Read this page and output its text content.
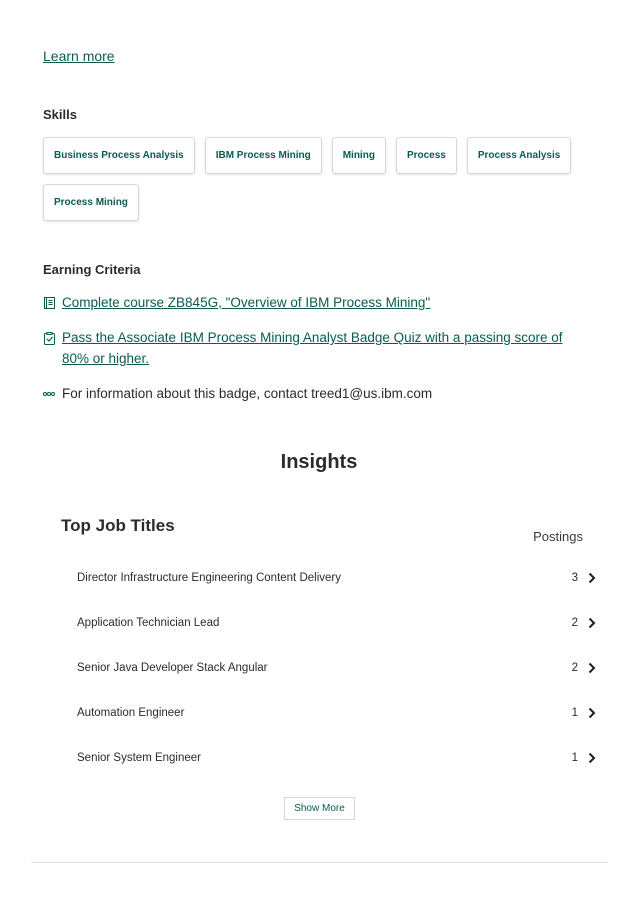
Learn more
Skills
Business Process Analysis	IBM Process Mining	Mining	Process	Process Analysis
Process Mining
Earning Criteria
Complete course ZB845G, "Overview of IBM Process Mining"
Pass the Associate IBM Process Mining Analyst Badge Quiz with a passing score of 80% or higher.
For information about this badge, contact treed1@us.ibm.com
Insights
Top Job Titles
Postings
Director Infrastructure Engineering Content Delivery	3
Application Technician Lead	2
Senior Java Developer Stack Angular	2
Automation Engineer	1
Senior System Engineer	1
Show More
